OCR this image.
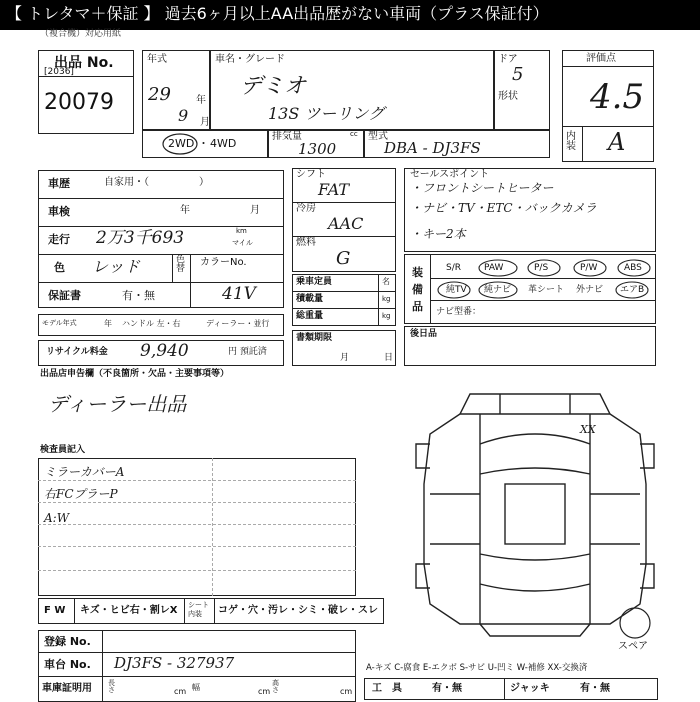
【 トレタマ＋保証 】 過去6ヶ月以上AA出品歴がない車両（プラス保証付）
（複合機）対応用紙
出品 No.
[2036]
20079
年式
29	年
9 月
車名・グレード
デミオ
13S ツーリング
ドア
5
形状
評価点
4.5
内装 A
2WD ・ 4WD
排気量	cc
1300
型式
DBA - DJ3FS
車歴	自家用・（　　　　　）
車検	年	月
走行 2万3千693	km
マイル
色 レッド	色替
カラーNo.
41V
保証書	有・無
モデル年式	年 ハンドル 左・右	ディーラー・並行
リサイクル料金 9,940	円 預託済
シフト
FAT
冷房
AAC
燃料
G
乗車定員	名
積載量	kg
総重量	kg
書類期限
月	日
セールスポイント
・フロントシートヒーター
・ナビ・TV・ETC・バックカメラ
・キー2本
装備品
S/R	PAW	P/S	P/W	ABS
純TV 純ナビ 革シート 外ナビ エアB
ナビ型番：
後日品
出品店申告欄（不良箇所・欠品・主要事項等）
ディーラー出品
検査員記入
ミラーカバーA
右FCプラーP
A:W
F W キズ・ヒビ右・割レX シート内装	コゲ・穴・汚レ・シミ・破レ・スレ
登録 No.
車台 No. DJ3FS - 327937
車庫証明用 長さ	cm 幅	cm
高さ	cm
XX
スペア
A-キズ C-腐食 E-エクボ S-サビ U-凹ミ W-補修 XX-交換済
工　具	有・無	ジャッキ	有・無
